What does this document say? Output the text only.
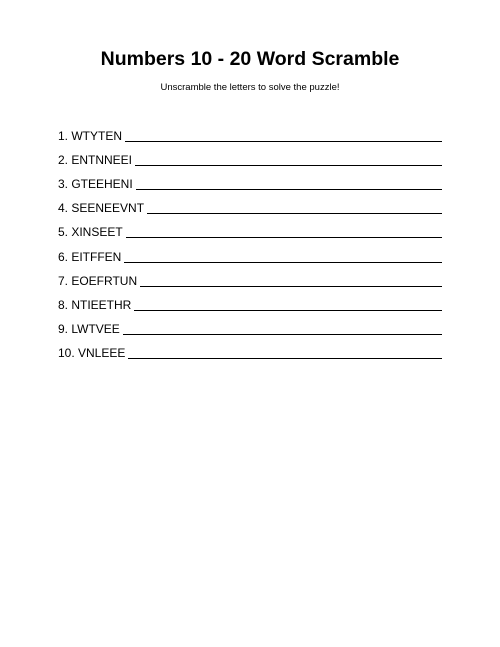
Numbers 10 - 20 Word Scramble
Unscramble the letters to solve the puzzle!
1. WTYTEN
2. ENTNNEEI
3. GTEEHENI
4. SEENEEVNT
5. XINSEET
6. EITFFEN
7. EOEFRTUN
8. NTIEETHR
9. LWTVEE
10. VNLEEE
